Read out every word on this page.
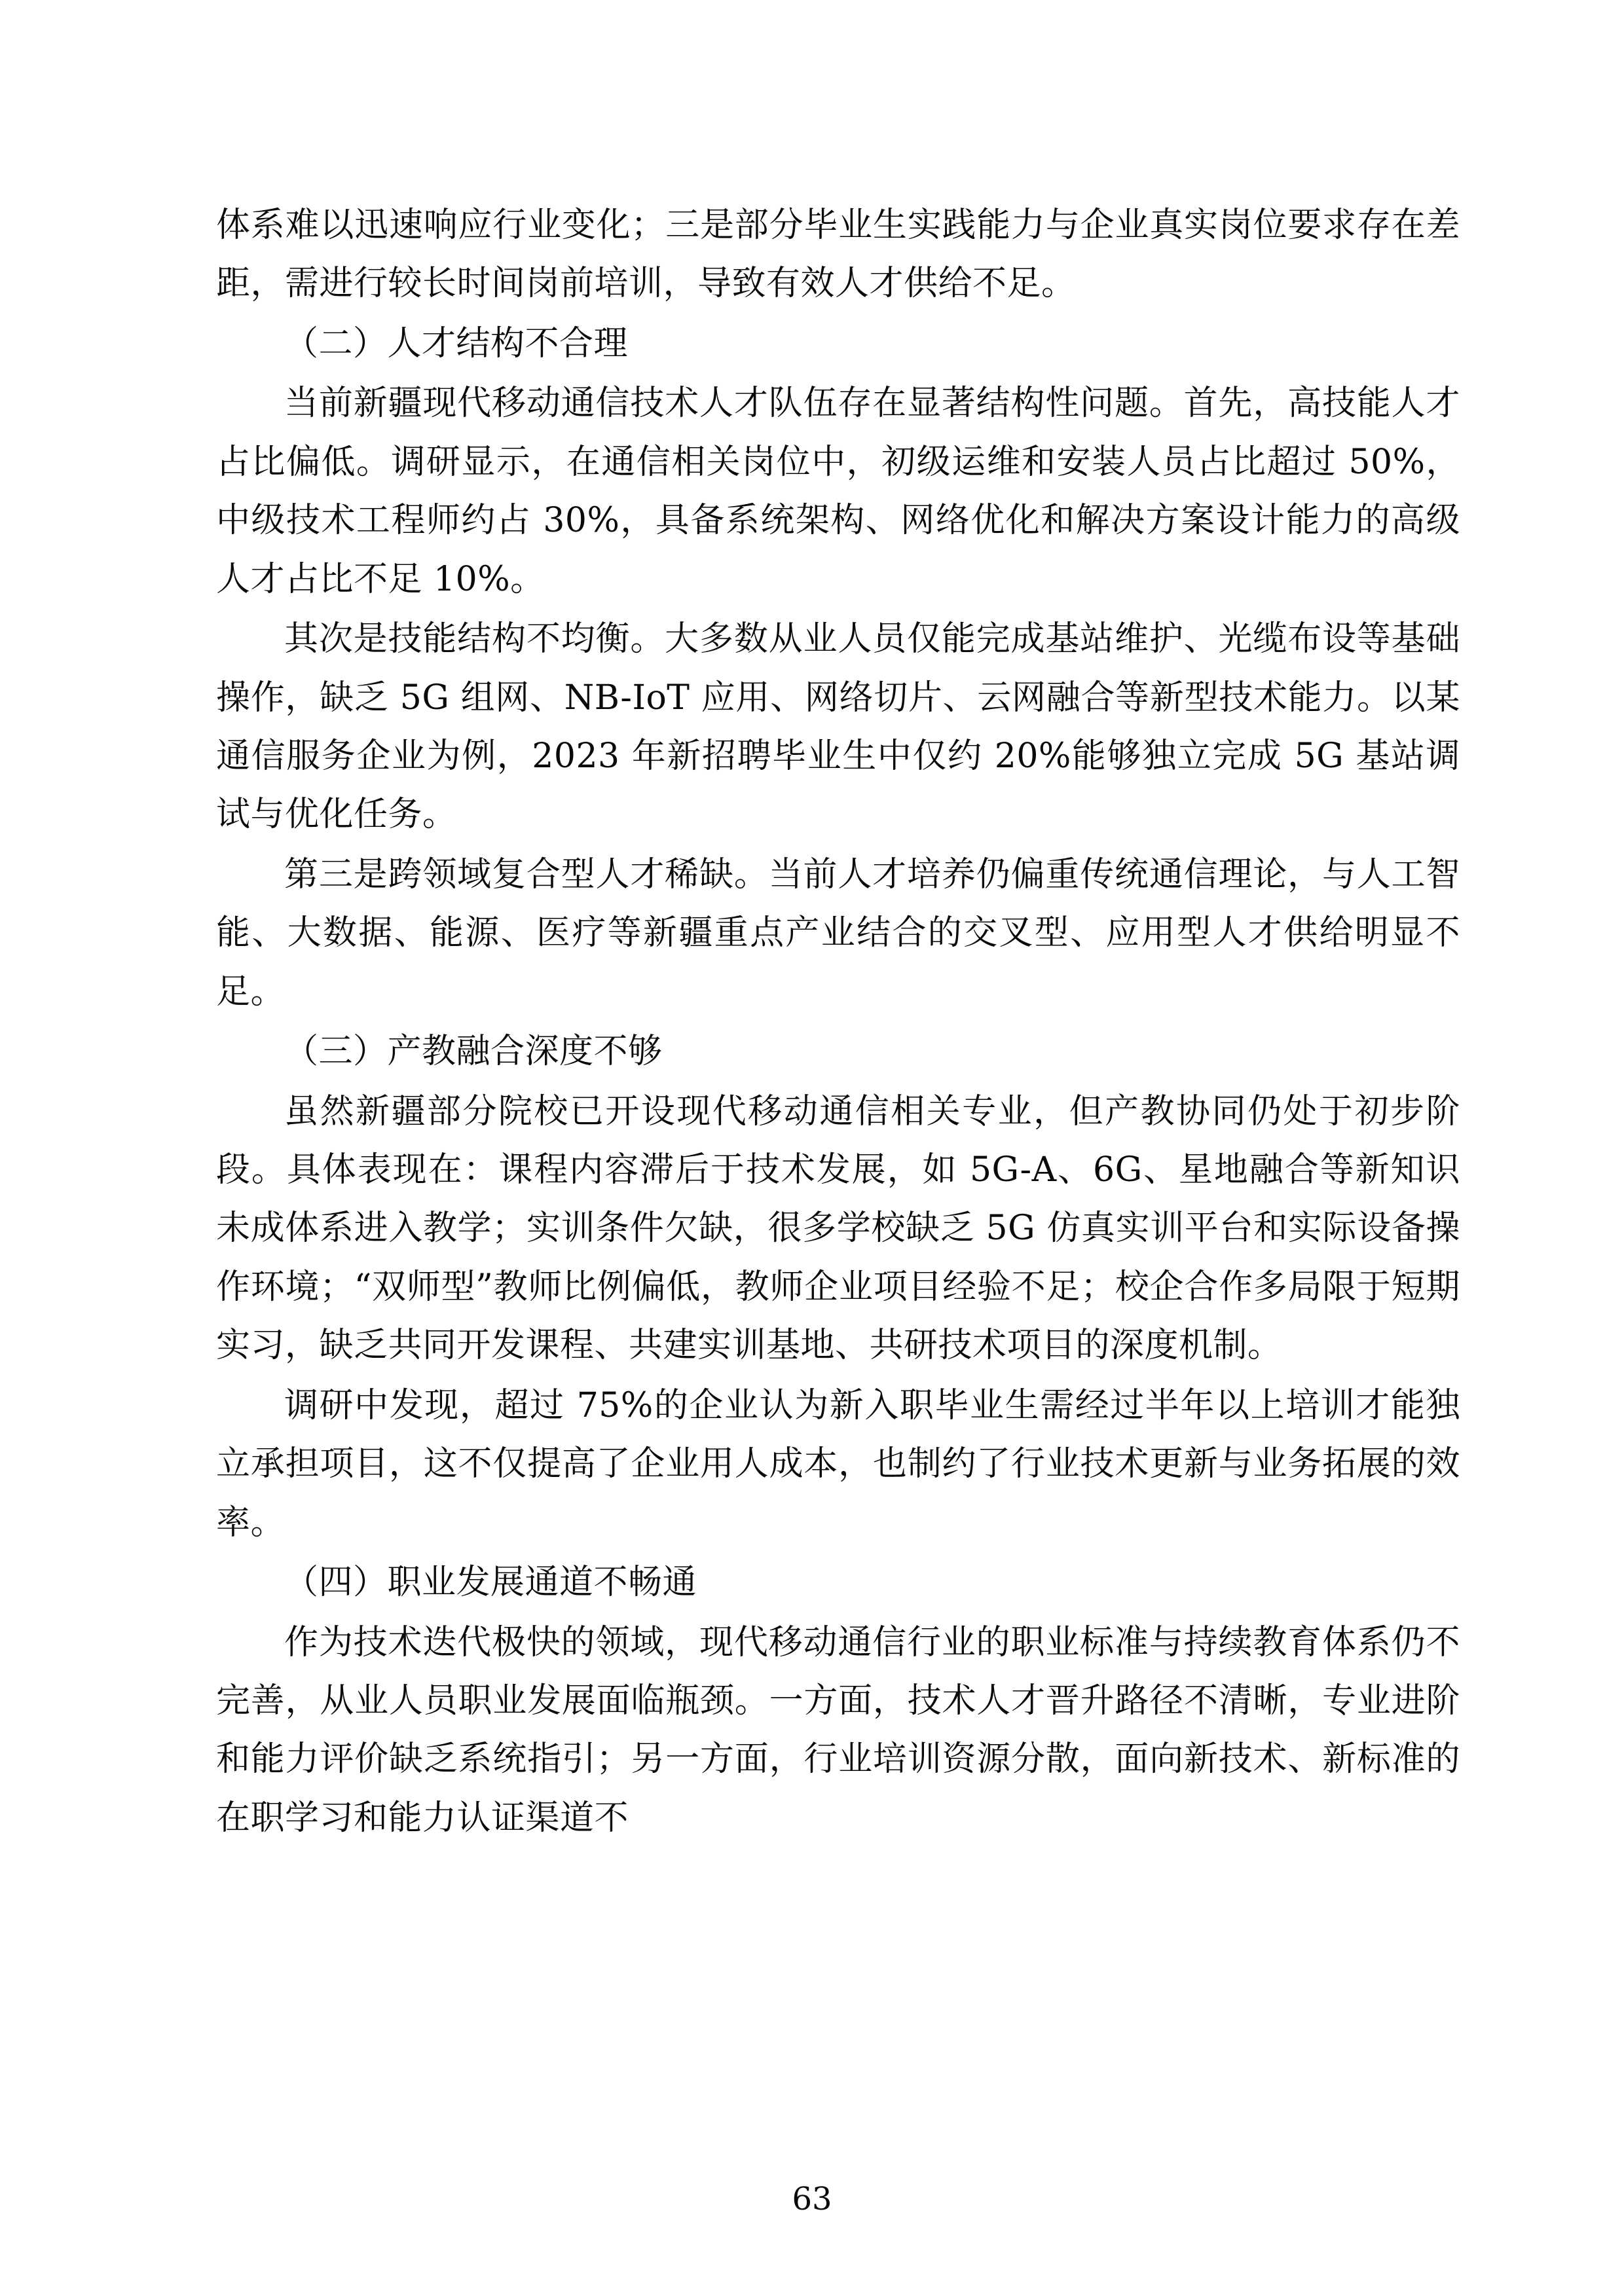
体系难以迅速响应行业变化；三是部分毕业生实践能力与企业真实岗位要求存在差距，需进行较长时间岗前培训，导致有效人才供给不足。

（二）人才结构不合理

当前新疆现代移动通信技术人才队伍存在显著结构性问题。首先，高技能人才占比偏低。调研显示，在通信相关岗位中，初级运维和安装人员占比超过 50%，中级技术工程师约占 30%，具备系统架构、网络优化和解决方案设计能力的高级人才占比不足 10%。

其次是技能结构不均衡。大多数从业人员仅能完成基站维护、光缆布设等基础操作，缺乏 5G 组网、NB-IoT 应用、网络切片、云网融合等新型技术能力。以某通信服务企业为例，2023 年新招聘毕业生中仅约 20%能够独立完成 5G 基站调试与优化任务。

第三是跨领域复合型人才稀缺。当前人才培养仍偏重传统通信理论，与人工智能、大数据、能源、医疗等新疆重点产业结合的交叉型、应用型人才供给明显不足。

（三）产教融合深度不够

虽然新疆部分院校已开设现代移动通信相关专业，但产教协同仍处于初步阶段。具体表现在：课程内容滞后于技术发展，如 5G-A、6G、星地融合等新知识未成体系进入教学；实训条件欠缺，很多学校缺乏 5G 仿真实训平台和实际设备操作环境；“双师型”教师比例偏低，教师企业项目经验不足；校企合作多局限于短期实习，缺乏共同开发课程、共建实训基地、共研技术项目的深度机制。

调研中发现，超过 75%的企业认为新入职毕业生需经过半年以上培训才能独立承担项目，这不仅提高了企业用人成本，也制约了行业技术更新与业务拓展的效率。

（四）职业发展通道不畅通

作为技术迭代极快的领域，现代移动通信行业的职业标准与持续教育体系仍不完善，从业人员职业发展面临瓶颈。一方面，技术人才晋升路径不清晰，专业进阶和能力评价缺乏系统指引；另一方面，行业培训资源分散，面向新技术、新标准的在职学习和能力认证渠道不

63
